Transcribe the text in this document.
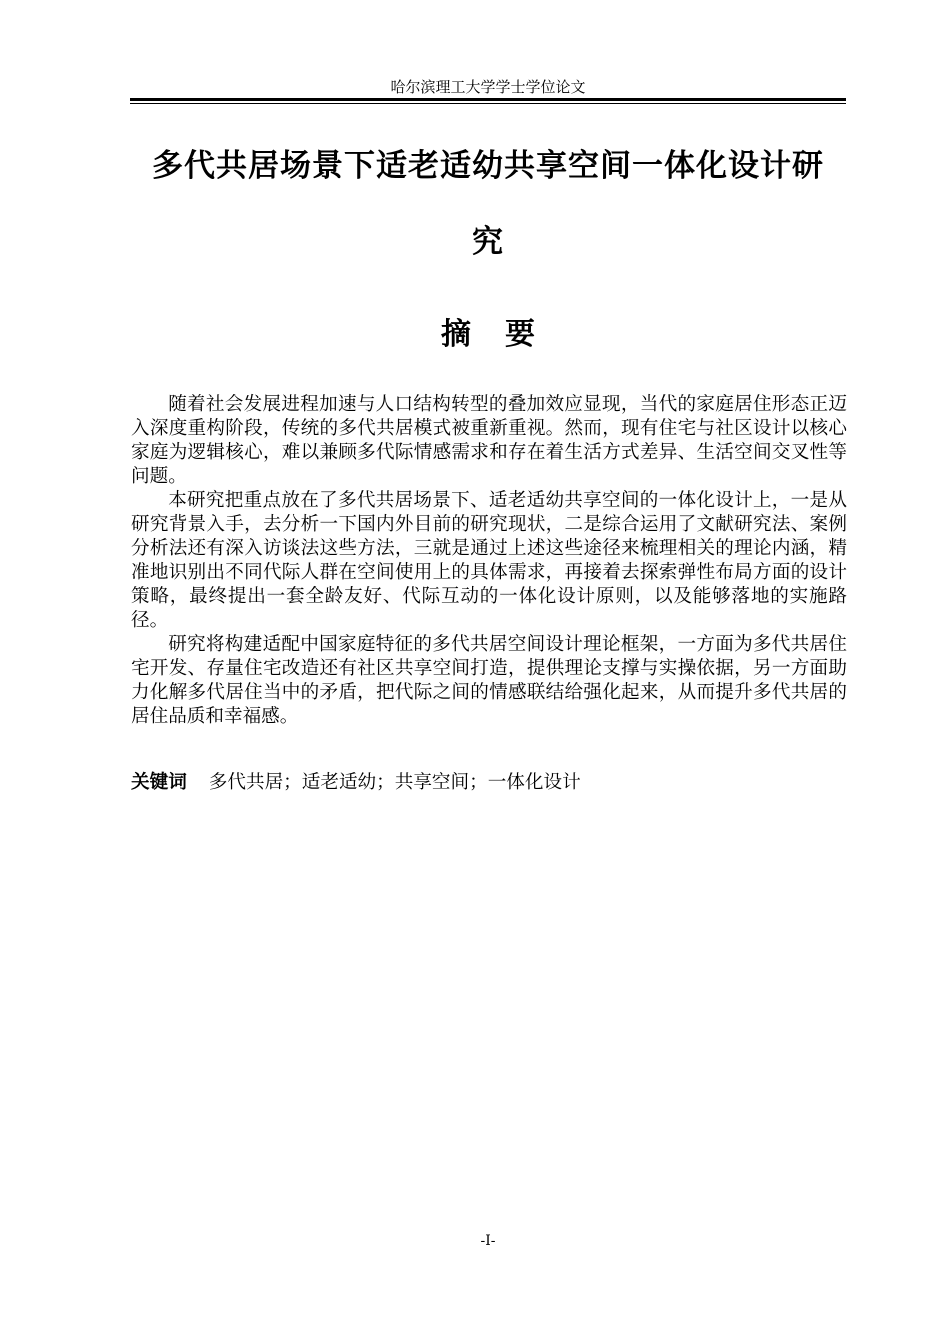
哈尔滨理工大学学士学位论文
多代共居场景下适老适幼共享空间一体化设计研
究
摘 要

随着社会发展进程加速与人口结构转型的叠加效应显现，当代的家庭居住形态正迈入深度重构阶段，传统的多代共居模式被重新重视。然而，现有住宅与社区设计以核心家庭为逻辑核心，难以兼顾多代际情感需求和存在着生活方式差异、生活空间交叉性等问题。

本研究把重点放在了多代共居场景下、适老适幼共享空间的一体化设计上，一是从研究背景入手，去分析一下国内外目前的研究现状，二是综合运用了文献研究法、案例分析法还有深入访谈法这些方法，三就是通过上述这些途径来梳理相关的理论内涵，精准地识别出不同代际人群在空间使用上的具体需求，再接着去探索弹性布局方面的设计策略，最终提出一套全龄友好、代际互动的一体化设计原则，以及能够落地的实施路径。

研究将构建适配中国家庭特征的多代共居空间设计理论框架，一方面为多代共居住宅开发、存量住宅改造还有社区共享空间打造，提供理论支撑与实操依据，另一方面助力化解多代居住当中的矛盾，把代际之间的情感联结给强化起来，从而提升多代共居的居住品质和幸福感。

关键词 多代共居；适老适幼；共享空间；一体化设计
-I-
